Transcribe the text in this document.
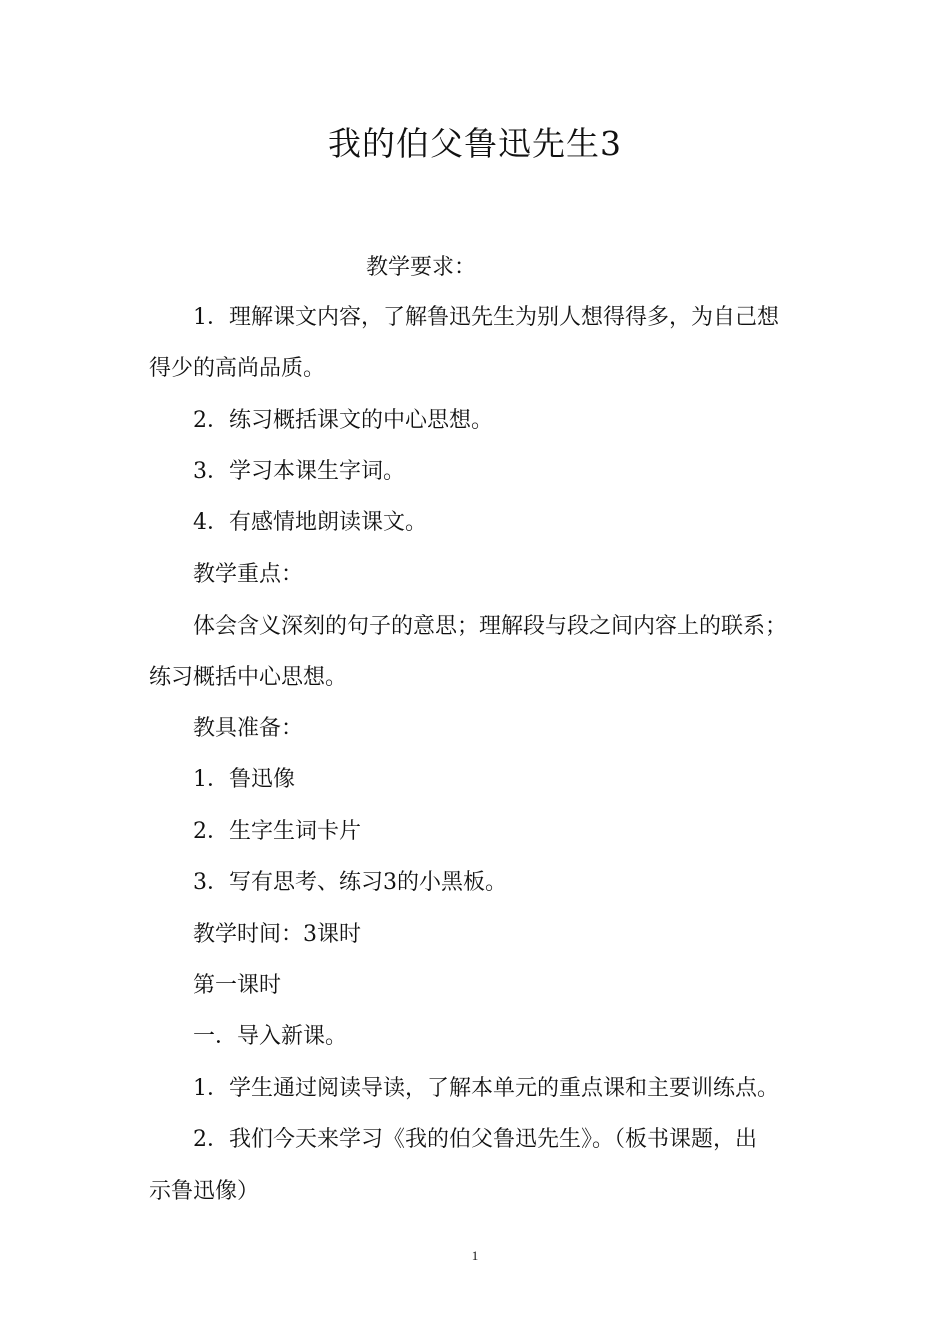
我的伯父鲁迅先生3

教学要求：

1．理解课文内容，了解鲁迅先生为别人想得得多，为自己想

得少的高尚品质。

2．练习概括课文的中心思想。

3．学习本课生字词。

4．有感情地朗读课文。

教学重点：

体会含义深刻的句子的意思；理解段与段之间内容上的联系；

练习概括中心思想。

教具准备：

1．鲁迅像

2．生字生词卡片

3．写有思考、练习3的小黑板。

教学时间：3课时

第一课时

一．导入新课。

1．学生通过阅读导读，了解本单元的重点课和主要训练点。

2．我们今天来学习《我的伯父鲁迅先生》。（板书课题，出

示鲁迅像）

1
